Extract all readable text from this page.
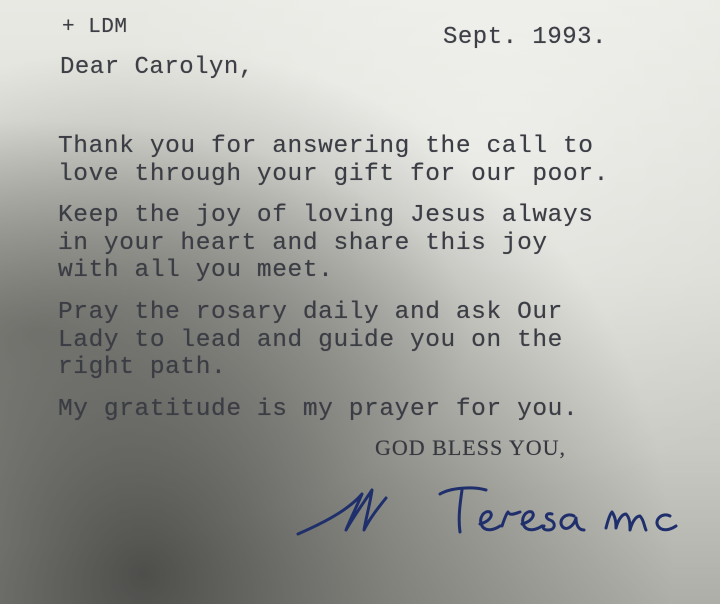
+ LDM	Sept. 1993.
Dear Carolyn,
Thank you for answering the call to
love through your gift for our poor.
Keep the joy of loving Jesus always
in your heart and share this joy
with all you meet.
Pray the rosary daily and ask Our
Lady to lead and guide you on the
right path.
My gratitude is my prayer for you.
GOD BLESS YOU,
